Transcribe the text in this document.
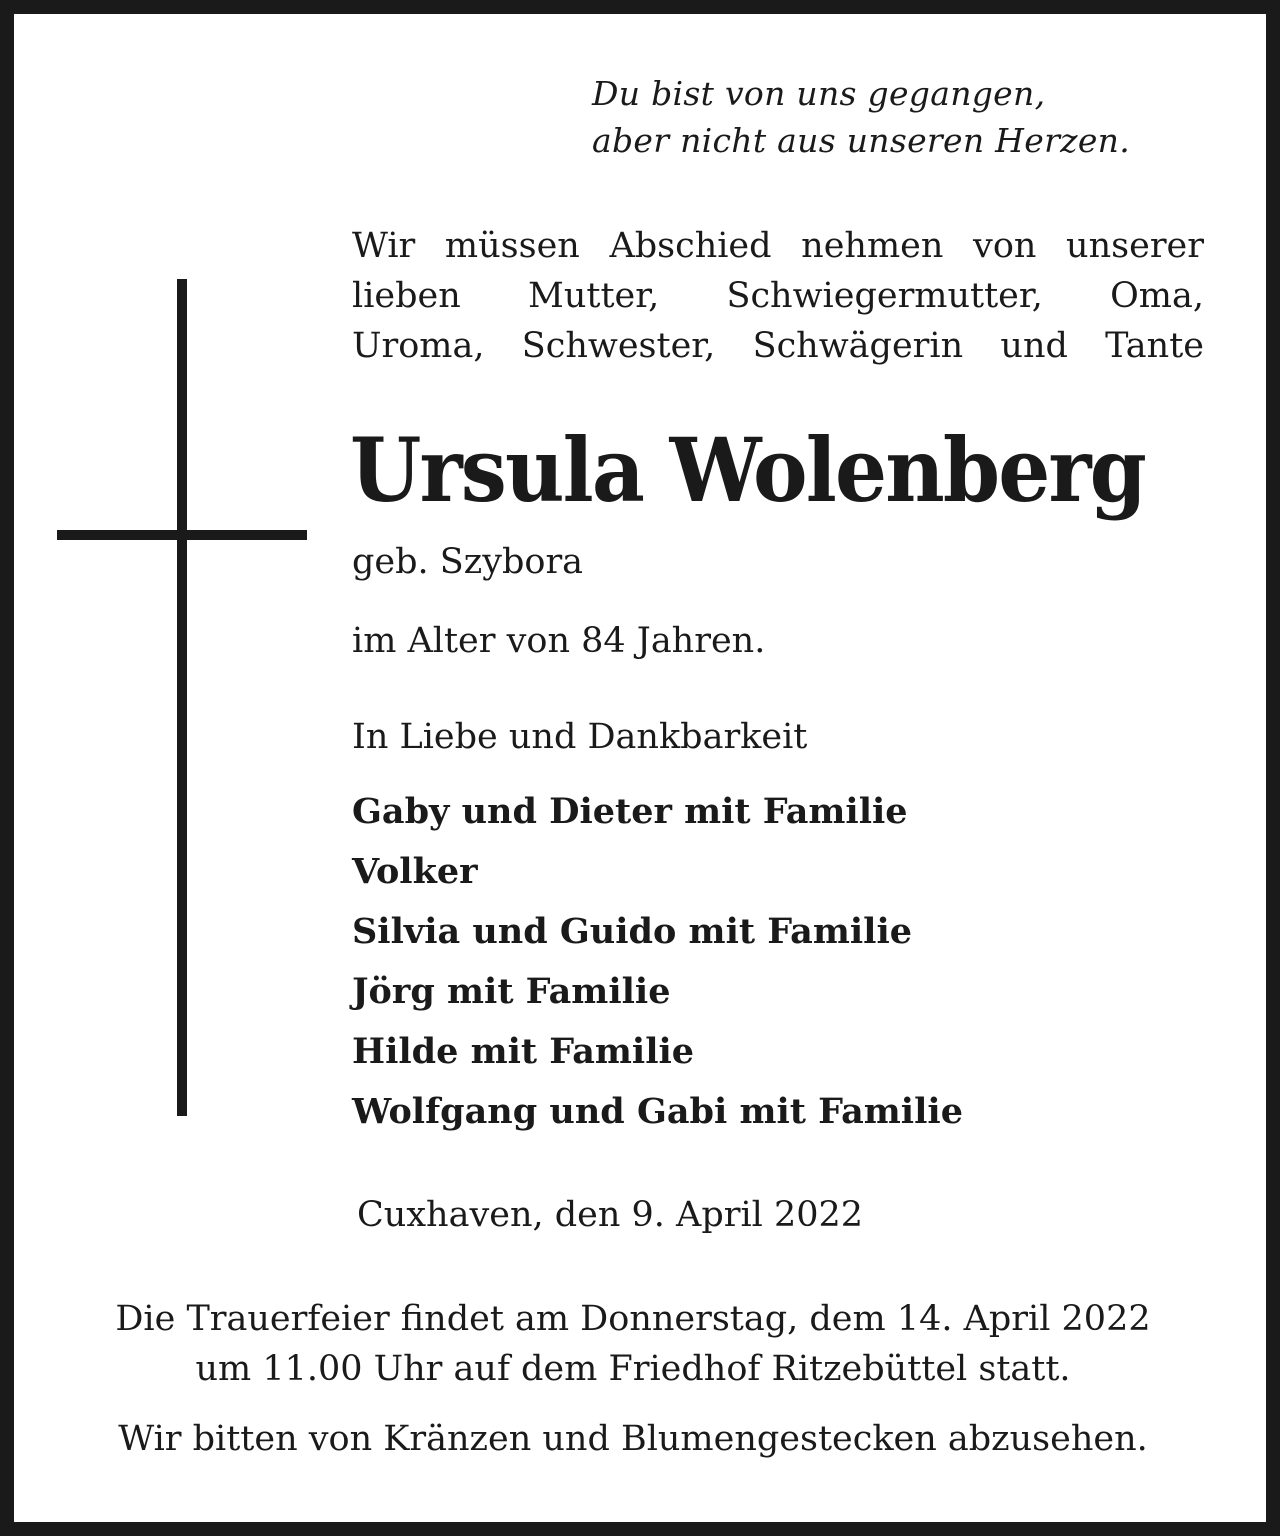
Du bist von uns gegangen,
aber nicht aus unseren Herzen.
Wir müssen Abschied nehmen von unserer
lieben Mutter, Schwiegermutter, Oma,
Uroma, Schwester, Schwägerin und Tante
Ursula Wolenberg
geb. Szybora
im Alter von 84 Jahren.
In Liebe und Dankbarkeit
Gaby und Dieter mit Familie
Volker
Silvia und Guido mit Familie
Jörg mit Familie
Hilde mit Familie
Wolfgang und Gabi mit Familie
Cuxhaven, den 9. April 2022
Die Trauerfeier findet am Donnerstag, dem 14. April 2022
um 11.00 Uhr auf dem Friedhof Ritzebüttel statt.
Wir bitten von Kränzen und Blumengestecken abzusehen.
